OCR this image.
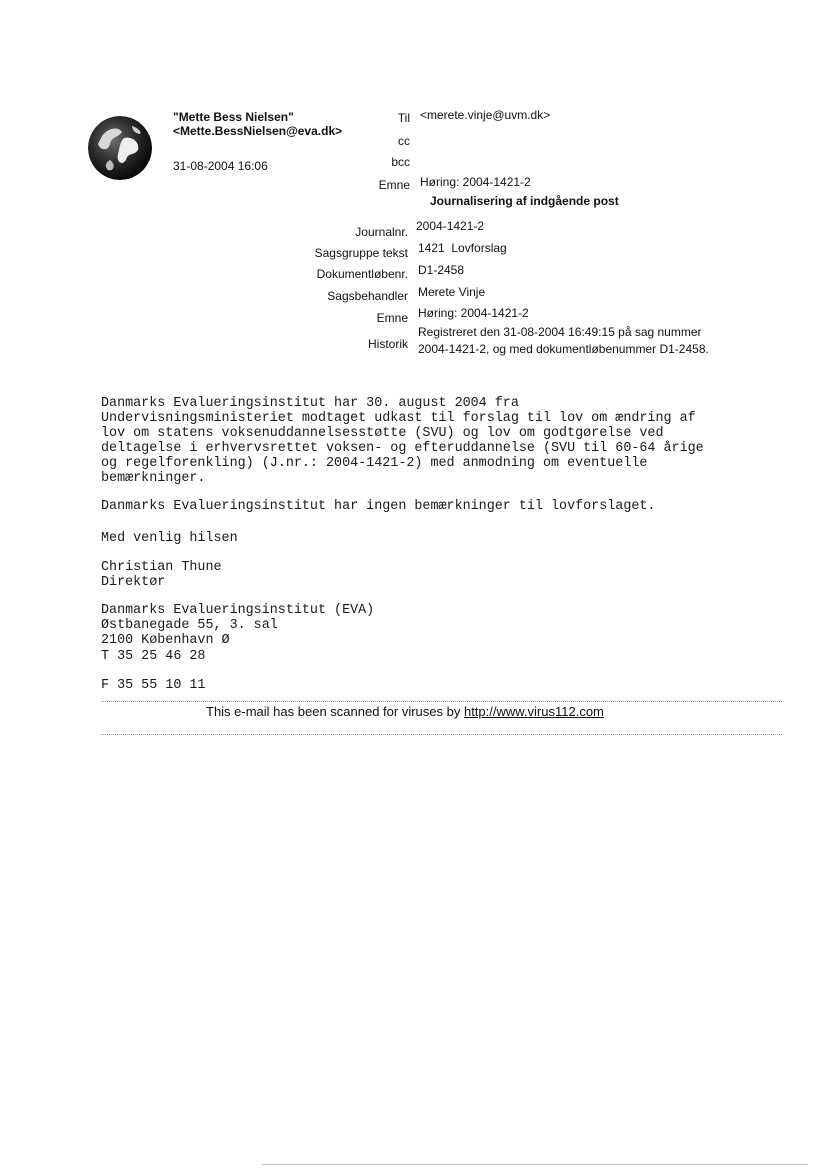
"Mette Bess Nielsen"
<Mette.BessNielsen@eva.dk>
31-08-2004 16:06
Til <merete.vinje@uvm.dk>
cc
bcc
Emne Høring: 2004-1421-2
Journalisering af indgående post
Journalnr. 2004-1421-2
Sagsgruppe tekst 1421  Lovforslag
Dokumentløbenr. D1-2458
Sagsbehandler Merete Vinje
Emne Høring: 2004-1421-2
Historik
Registreret den 31-08-2004 16:49:15 på sag nummer
2004-1421-2, og med dokumentløbenummer D1-2458.
Danmarks Evalueringsinstitut har 30. august 2004 fra
Undervisningsministeriet modtaget udkast til forslag til lov om ændring af
lov om statens voksenuddannelsesstøtte (SVU) og lov om godtgørelse ved
deltagelse i erhvervsrettet voksen- og efteruddannelse (SVU til 60-64 årige
og regelforenkling) (J.nr.: 2004-1421-2) med anmodning om eventuelle
bemærkninger.
Danmarks Evalueringsinstitut har ingen bemærkninger til lovforslaget.
Med venlig hilsen
Christian Thune
Direktør
Danmarks Evalueringsinstitut (EVA)
Østbanegade 55, 3. sal
2100 København Ø
T 35 25 46 28
F 35 55 10 11
This e-mail has been scanned for viruses by http://www.virus112.com
